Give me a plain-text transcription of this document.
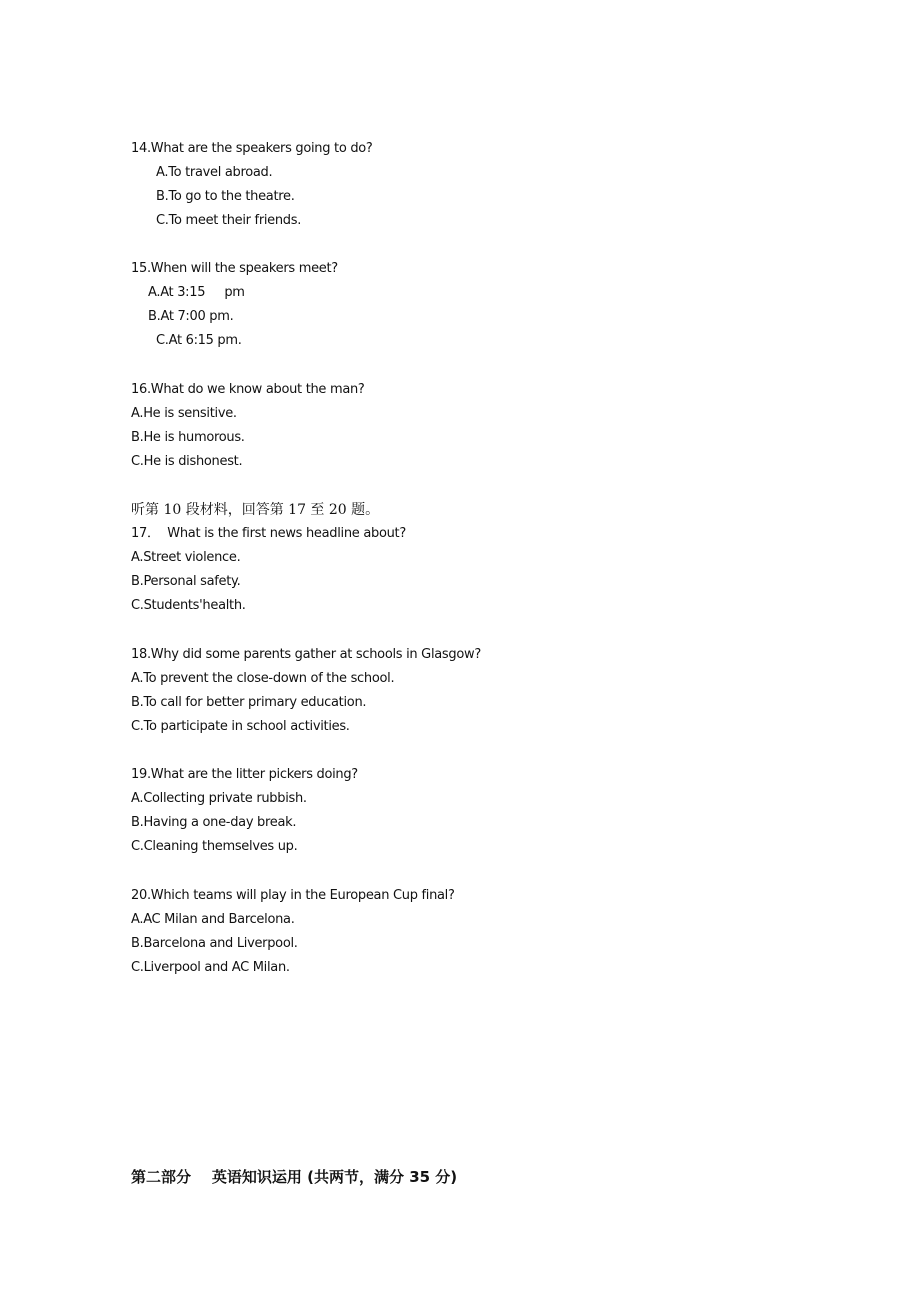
14.What are the speakers going to do?
A.To travel abroad.
B.To go to the theatre.
C.To meet their friends.
15.When will the speakers meet?
A.At 3:15     pm
B.At 7:00 pm.
C.At 6:15 pm.
16.What do we know about the man?
A.He is sensitive.
B.He is humorous.
C.He is dishonest.
听第 10 段材料，回答第 17 至 20 题。
17．  What is the first news headline about?
A.Street violence.
B.Personal safety.
C.Students'health.
18.Why did some parents gather at schools in Glasgow?
A.To prevent the close-down of the school.
B.To call for better primary education.
C.To participate in school activities.
19.What are the litter pickers doing?
A.Collecting private rubbish.
B.Having a one-day break.
C.Cleaning themselves up.
20.Which teams will play in the European Cup final?
A.AC Milan and Barcelona.
B.Barcelona and Liverpool.
C.Liverpool and AC Milan.
第二部分    英语知识运用 (共两节，满分 35 分)
